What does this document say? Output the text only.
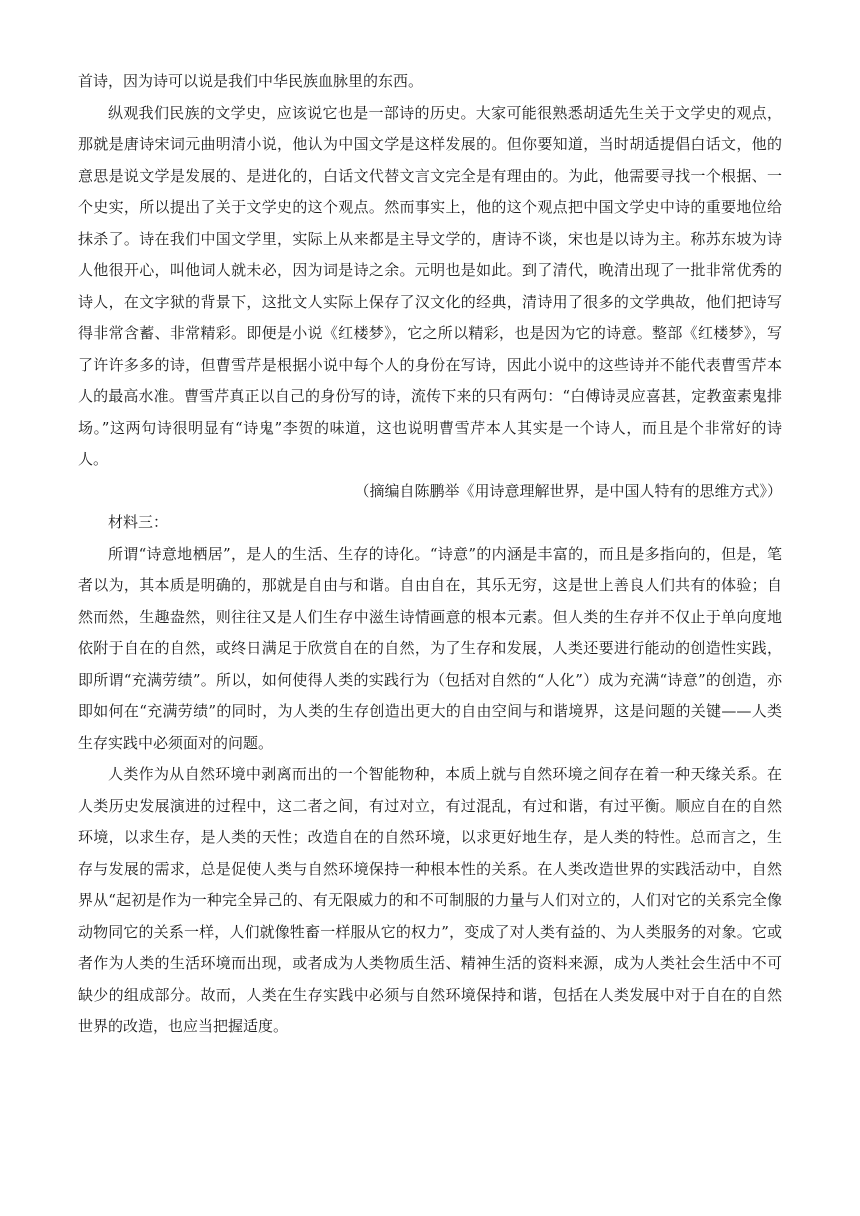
首诗，因为诗可以说是我们中华民族血脉里的东西。

纵观我们民族的文学史，应该说它也是一部诗的历史。大家可能很熟悉胡适先生关于文学史的观点，那就是唐诗宋词元曲明清小说，他认为中国文学是这样发展的。但你要知道，当时胡适提倡白话文，他的意思是说文学是发展的、是进化的，白话文代替文言文完全是有理由的。为此，他需要寻找一个根据、一个史实，所以提出了关于文学史的这个观点。然而事实上，他的这个观点把中国文学史中诗的重要地位给抹杀了。诗在我们中国文学里，实际上从来都是主导文学的，唐诗不谈，宋也是以诗为主。称苏东坡为诗人他很开心，叫他词人就未必，因为词是诗之余。元明也是如此。到了清代，晚清出现了一批非常优秀的诗人，在文字狱的背景下，这批文人实际上保存了汉文化的经典，清诗用了很多的文学典故，他们把诗写得非常含蓄、非常精彩。即便是小说《红楼梦》，它之所以精彩，也是因为它的诗意。整部《红楼梦》，写了许许多多的诗，但曹雪芹是根据小说中每个人的身份在写诗，因此小说中的这些诗并不能代表曹雪芹本人的最高水准。曹雪芹真正以自己的身份写的诗，流传下来的只有两句：“白傅诗灵应喜甚，定教蛮素鬼排场。”这两句诗很明显有“诗鬼”李贺的味道，这也说明曹雪芹本人其实是一个诗人，而且是个非常好的诗人。

（摘编自陈鹏举《用诗意理解世界，是中国人特有的思维方式》）

材料三：

所谓“诗意地栖居”，是人的生活、生存的诗化。“诗意”的内涵是丰富的，而且是多指向的，但是，笔者以为，其本质是明确的，那就是自由与和谐。自由自在，其乐无穷，这是世上善良人们共有的体验；自然而然，生趣盎然，则往往又是人们生存中滋生诗情画意的根本元素。但人类的生存并不仅止于单向度地依附于自在的自然，或终日满足于欣赏自在的自然，为了生存和发展，人类还要进行能动的创造性实践，即所谓“充满劳绩”。所以，如何使得人类的实践行为（包括对自然的“人化”）成为充满“诗意”的创造，亦即如何在“充满劳绩”的同时，为人类的生存创造出更大的自由空间与和谐境界，这是问题的关键——人类生存实践中必须面对的问题。

人类作为从自然环境中剥离而出的一个智能物种，本质上就与自然环境之间存在着一种天缘关系。在人类历史发展演进的过程中，这二者之间，有过对立，有过混乱，有过和谐，有过平衡。顺应自在的自然环境，以求生存，是人类的天性；改造自在的自然环境，以求更好地生存，是人类的特性。总而言之，生存与发展的需求，总是促使人类与自然环境保持一种根本性的关系。在人类改造世界的实践活动中，自然界从“起初是作为一种完全异己的、有无限威力的和不可制服的力量与人们对立的，人们对它的关系完全像动物同它的关系一样，人们就像牲畜一样服从它的权力”，变成了对人类有益的、为人类服务的对象。它或者作为人类的生活环境而出现，或者成为人类物质生活、精神生活的资料来源，成为人类社会生活中不可缺少的组成部分。故而，人类在生存实践中必须与自然环境保持和谐，包括在人类发展中对于自在的自然世界的改造，也应当把握适度。
